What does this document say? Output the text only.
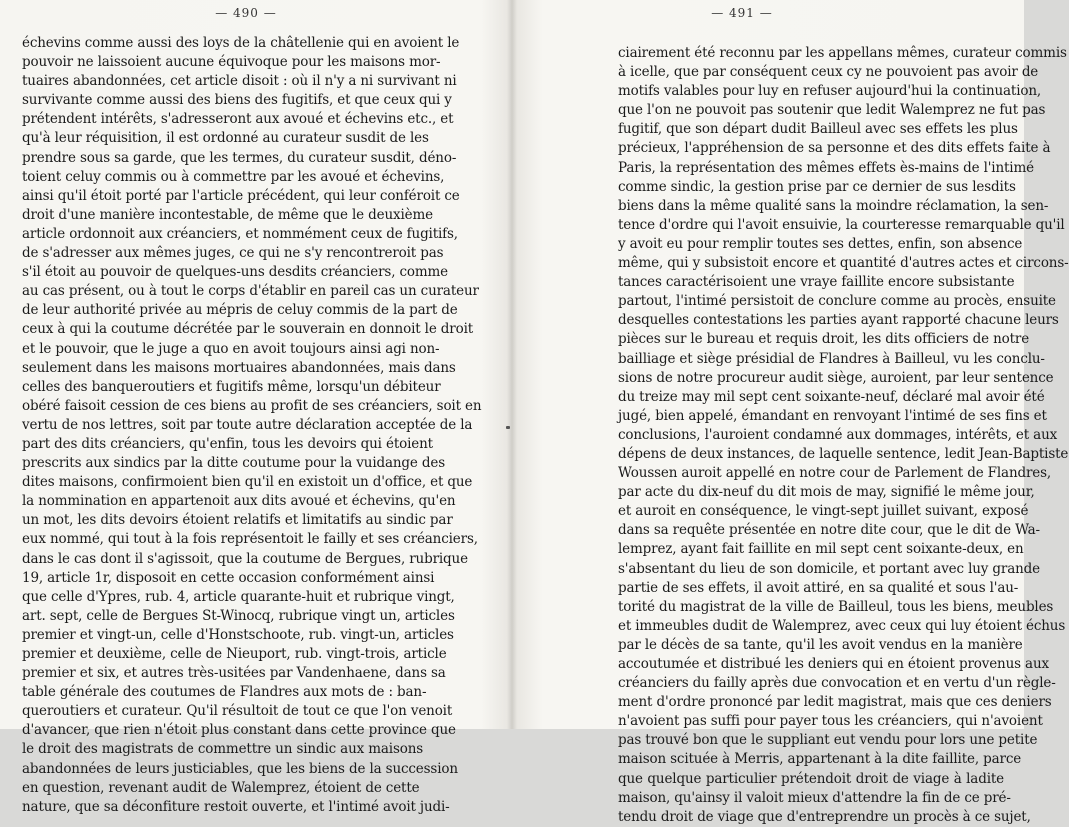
— 490 —
échevins comme aussi des loys de la châtellenie qui en avoient le
pouvoir ne laissoient aucune équivoque pour les maisons mor-
tuaires abandonnées, cet article disoit : où il n'y a ni survivant ni
survivante comme aussi des biens des fugitifs, et que ceux qui y
prétendent intérêts, s'adresseront aux avoué et échevins etc., et
qu'à leur réquisition, il est ordonné au curateur susdit de les
prendre sous sa garde, que les termes, du curateur susdit, déno-
toient celuy commis ou à commettre par les avoué et échevins,
ainsi qu'il étoit porté par l'article précédent, qui leur conféroit ce
droit d'une manière incontestable, de même que le deuxième
article ordonnoit aux créanciers, et nommément ceux de fugitifs,
de s'adresser aux mêmes juges, ce qui ne s'y rencontreroit pas
s'il étoit au pouvoir de quelques-uns desdits créanciers, comme
au cas présent, ou à tout le corps d'établir en pareil cas un curateur
de leur authorité privée au mépris de celuy commis de la part de
ceux à qui la coutume décrétée par le souverain en donnoit le droit
et le pouvoir, que le juge a quo en avoit toujours ainsi agi non-
seulement dans les maisons mortuaires abandonnées, mais dans
celles des banqueroutiers et fugitifs même, lorsqu'un débiteur
obéré faisoit cession de ces biens au profit de ses créanciers, soit en
vertu de nos lettres, soit par toute autre déclaration acceptée de la
part des dits créanciers, qu'enfin, tous les devoirs qui étoient
prescrits aux sindics par la ditte coutume pour la vuidange des
dites maisons, confirmoient bien qu'il en existoit un d'office, et que
la nommination en appartenoit aux dits avoué et échevins, qu'en
un mot, les dits devoirs étoient relatifs et limitatifs au sindic par
eux nommé, qui tout à la fois représentoit le failly et ses créanciers,
dans le cas dont il s'agissoit, que la coutume de Bergues, rubrique
19, article 1r, disposoit en cette occasion conformément ainsi
que celle d'Ypres, rub. 4, article quarante-huit et rubrique vingt,
art. sept, celle de Bergues St-Winocq, rubrique vingt un, articles
premier et vingt-un, celle d'Honstschoote, rub. vingt-un, articles
premier et deuxième, celle de Nieuport, rub. vingt-trois, article
premier et six, et autres très-usitées par Vandenhaene, dans sa
table générale des coutumes de Flandres aux mots de : ban-
queroutiers et curateur. Qu'il résultoit de tout ce que l'on venoit
d'avancer, que rien n'étoit plus constant dans cette province que
le droit des magistrats de commettre un sindic aux maisons
abandonnées de leurs justiciables, que les biens de la succession
en question, revenant audit de Walemprez, étoient de cette
nature, que sa déconfiture restoit ouverte, et l'intimé avoit judi-
— 491 —
ciairement été reconnu par les appellans mêmes, curateur commis
à icelle, que par conséquent ceux cy ne pouvoient pas avoir de
motifs valables pour luy en refuser aujourd'hui la continuation,
que l'on ne pouvoit pas soutenir que ledit Walemprez ne fut pas
fugitif, que son départ dudit Bailleul avec ses effets les plus
précieux, l'appréhension de sa personne et des dits effets faite à
Paris, la représentation des mêmes effets ès-mains de l'intimé
comme sindic, la gestion prise par ce dernier de sus lesdits
biens dans la même qualité sans la moindre réclamation, la sen-
tence d'ordre qui l'avoit ensuivie, la courteresse remarquable qu'il
y avoit eu pour remplir toutes ses dettes, enfin, son absence
même, qui y subsistoit encore et quantité d'autres actes et circons-
tances caractérisoient une vraye faillite encore subsistante
partout, l'intimé persistoit de conclure comme au procès, ensuite
desquelles contestations les parties ayant rapporté chacune leurs
pièces sur le bureau et requis droit, les dits officiers de notre
bailliage et siège présidial de Flandres à Bailleul, vu les conclu-
sions de notre procureur audit siège, auroient, par leur sentence
du treize may mil sept cent soixante-neuf, déclaré mal avoir été
jugé, bien appelé, émandant en renvoyant l'intimé de ses fins et
conclusions, l'auroient condamné aux dommages, intérêts, et aux
dépens de deux instances, de laquelle sentence, ledit Jean-Baptiste
Woussen auroit appellé en notre cour de Parlement de Flandres,
par acte du dix-neuf du dit mois de may, signifié le même jour,
et auroit en conséquence, le vingt-sept juillet suivant, exposé
dans sa requête présentée en notre dite cour, que le dit de Wa-
lemprez, ayant fait faillite en mil sept cent soixante-deux, en
s'absentant du lieu de son domicile, et portant avec luy grande
partie de ses effets, il avoit attiré, en sa qualité et sous l'au-
torité du magistrat de la ville de Bailleul, tous les biens, meubles
et immeubles dudit de Walemprez, avec ceux qui luy étoient échus
par le décès de sa tante, qu'il les avoit vendus en la manière
accoutumée et distribué les deniers qui en étoient provenus aux
créanciers du failly après due convocation et en vertu d'un règle-
ment d'ordre prononcé par ledit magistrat, mais que ces deniers
n'avoient pas suffi pour payer tous les créanciers, qui n'avoient
pas trouvé bon que le suppliant eut vendu pour lors une petite
maison scituée à Merris, appartenant à la dite faillite, parce
que quelque particulier prétendoit droit de viage à ladite
maison, qu'ainsy il valoit mieux d'attendre la fin de ce pré-
tendu droit de viage que d'entreprendre un procès à ce sujet,
